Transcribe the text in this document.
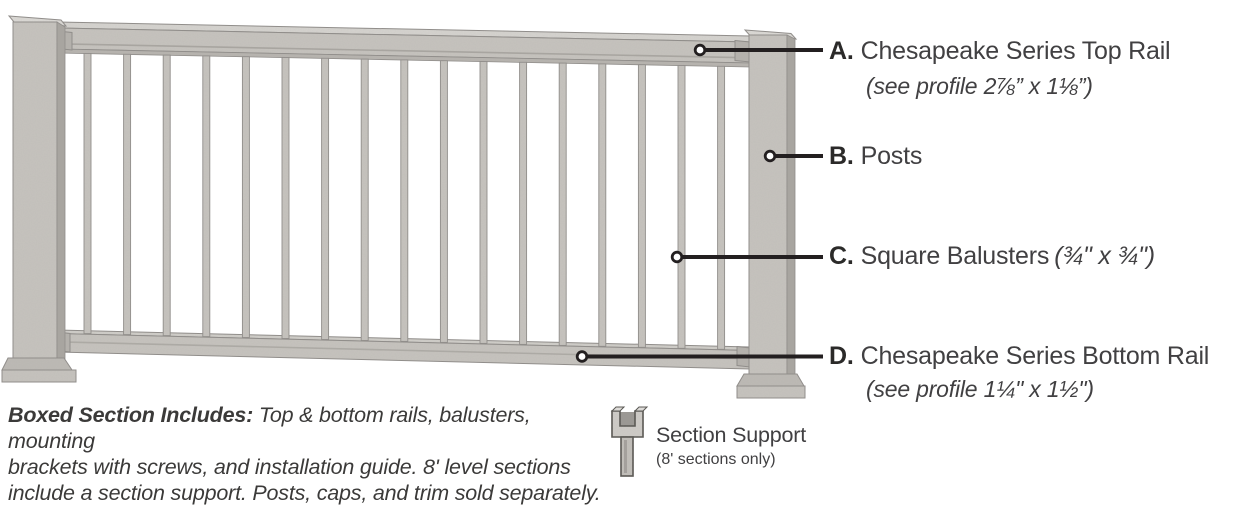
A. Chesapeake Series Top Rail
(see profile 2⅞” x 1⅛”)
B. Posts
C. Square Balusters (¾" x ¾")
D. Chesapeake Series Bottom Rail
(see profile 1¼" x 1½")
Boxed Section Includes: Top & bottom rails, balusters, mounting
brackets with screws, and installation guide. 8' level sections
include a section support. Posts, caps, and trim sold separately.
Section Support
(8' sections only)
